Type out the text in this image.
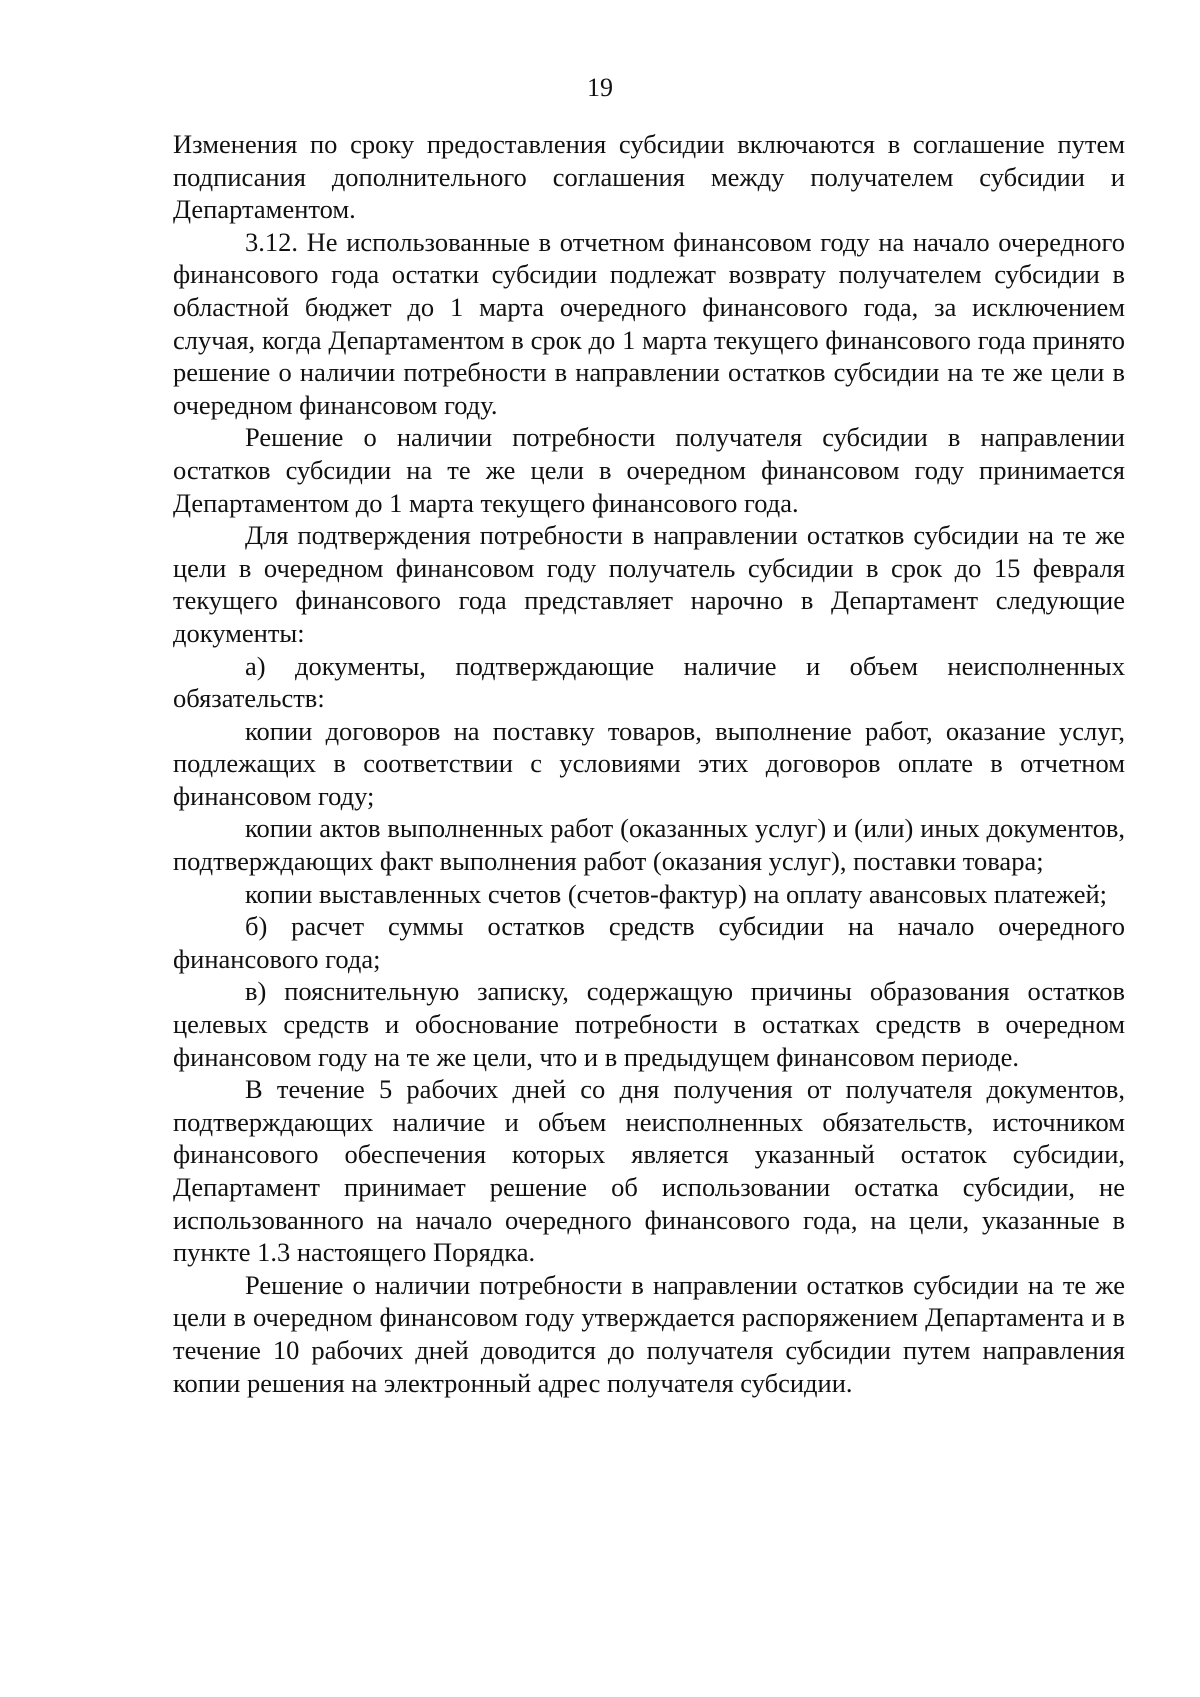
19

Изменения по сроку предоставления субсидии включаются в соглашение путем подписания дополнительного соглашения между получателем субсидии и Департаментом.

3.12. Не использованные в отчетном финансовом году на начало очередного финансового года остатки субсидии подлежат возврату получателем субсидии в областной бюджет до 1 марта очередного финансового года, за исключением случая, когда Департаментом в срок до 1 марта текущего финансового года принято решение о наличии потребности в направлении остатков субсидии на те же цели в очередном финансовом году.

Решение о наличии потребности получателя субсидии в направлении остатков субсидии на те же цели в очередном финансовом году принимается Департаментом до 1 марта текущего финансового года.

Для подтверждения потребности в направлении остатков субсидии на те же цели в очередном финансовом году получатель субсидии в срок до 15 февраля текущего финансового года представляет нарочно в Департамент следующие документы:

а) документы, подтверждающие наличие и объем неисполненных обязательств:

копии договоров на поставку товаров, выполнение работ, оказание услуг, подлежащих в соответствии с условиями этих договоров оплате в отчетном финансовом году;

копии актов выполненных работ (оказанных услуг) и (или) иных документов, подтверждающих факт выполнения работ (оказания услуг), поставки товара;

копии выставленных счетов (счетов-фактур) на оплату авансовых платежей;

б) расчет суммы остатков средств субсидии на начало очередного финансового года;

в) пояснительную записку, содержащую причины образования остатков целевых средств и обоснование потребности в остатках средств в очередном финансовом году на те же цели, что и в предыдущем финансовом периоде.

В течение 5 рабочих дней со дня получения от получателя документов, подтверждающих наличие и объем неисполненных обязательств, источником финансового обеспечения которых является указанный остаток субсидии, Департамент принимает решение об использовании остатка субсидии, не использованного на начало очередного финансового года, на цели, указанные в пункте 1.3 настоящего Порядка.

Решение о наличии потребности в направлении остатков субсидии на те же цели в очередном финансовом году утверждается распоряжением Департамента и в течение 10 рабочих дней доводится до получателя субсидии путем направления копии решения на электронный адрес получателя субсидии.
